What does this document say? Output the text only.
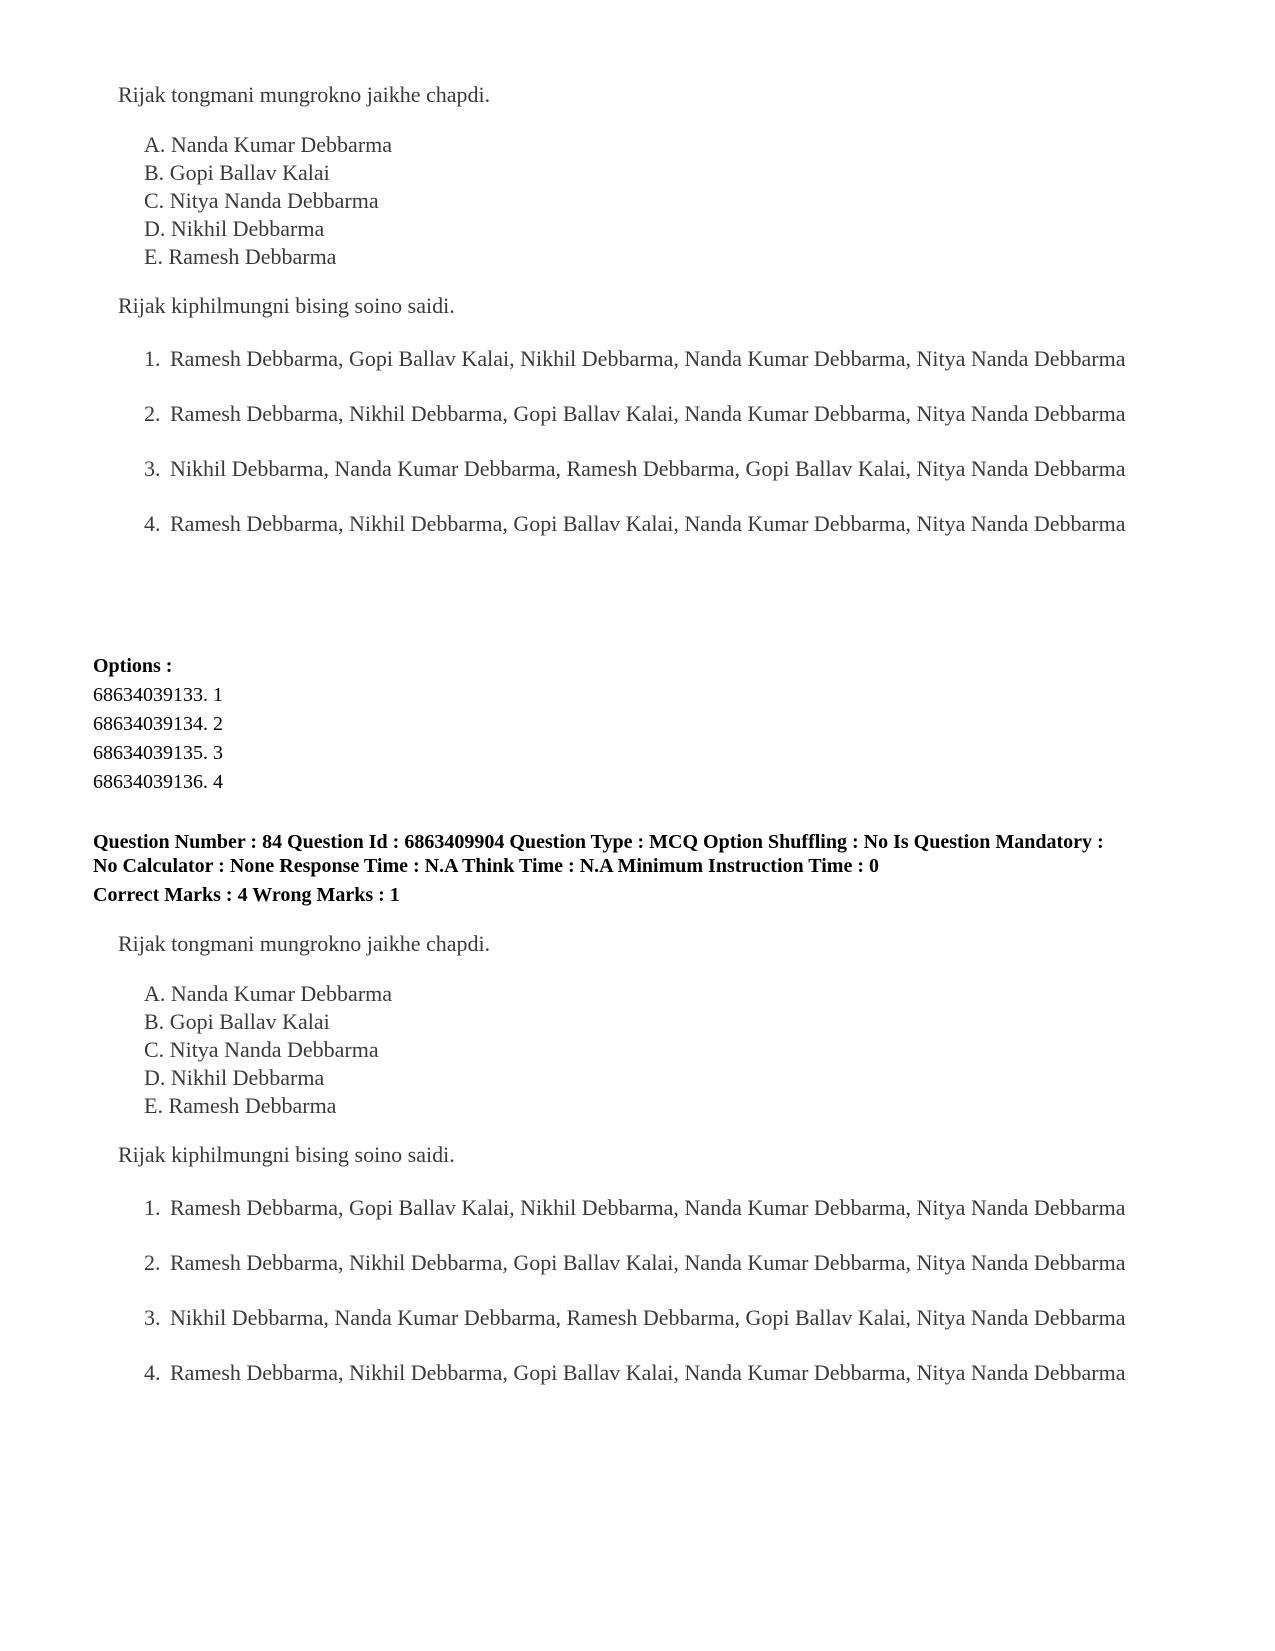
Rijak tongmani mungrokno jaikhe chapdi.

A. Nanda Kumar Debbarma
B. Gopi Ballav Kalai
C. Nitya Nanda Debbarma
D. Nikhil Debbarma
E. Ramesh Debbarma

Rijak kiphilmungni bising soino saidi.

1. Ramesh Debbarma, Gopi Ballav Kalai, Nikhil Debbarma, Nanda Kumar Debbarma, Nitya Nanda Debbarma
2. Ramesh Debbarma, Nikhil Debbarma, Gopi Ballav Kalai, Nanda Kumar Debbarma, Nitya Nanda Debbarma
3. Nikhil Debbarma, Nanda Kumar Debbarma, Ramesh Debbarma, Gopi Ballav Kalai, Nitya Nanda Debbarma
4. Ramesh Debbarma, Nikhil Debbarma, Gopi Ballav Kalai, Nanda Kumar Debbarma, Nitya Nanda Debbarma
Options :
68634039133. 1
68634039134. 2
68634039135. 3
68634039136. 4
Question Number : 84 Question Id : 6863409904 Question Type : MCQ Option Shuffling : No Is Question Mandatory :
No Calculator : None Response Time : N.A Think Time : N.A Minimum Instruction Time : 0
Correct Marks : 4 Wrong Marks : 1

Rijak tongmani mungrokno jaikhe chapdi.

A. Nanda Kumar Debbarma
B. Gopi Ballav Kalai
C. Nitya Nanda Debbarma
D. Nikhil Debbarma
E. Ramesh Debbarma

Rijak kiphilmungni bising soino saidi.

1. Ramesh Debbarma, Gopi Ballav Kalai, Nikhil Debbarma, Nanda Kumar Debbarma, Nitya Nanda Debbarma
2. Ramesh Debbarma, Nikhil Debbarma, Gopi Ballav Kalai, Nanda Kumar Debbarma, Nitya Nanda Debbarma
3. Nikhil Debbarma, Nanda Kumar Debbarma, Ramesh Debbarma, Gopi Ballav Kalai, Nitya Nanda Debbarma
4. Ramesh Debbarma, Nikhil Debbarma, Gopi Ballav Kalai, Nanda Kumar Debbarma, Nitya Nanda Debbarma
